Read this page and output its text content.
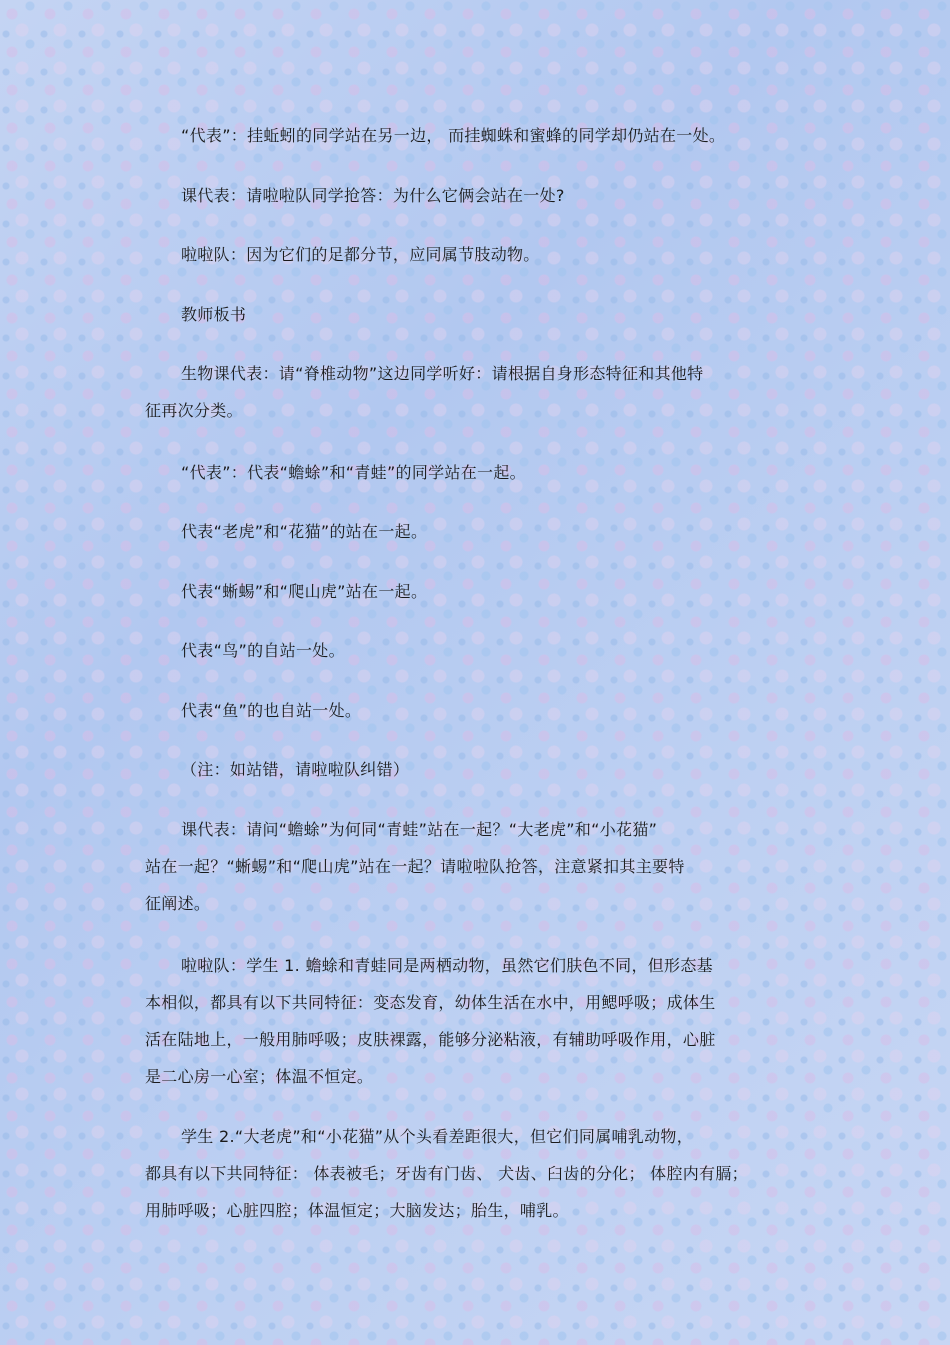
“代表”：挂蚯蚓的同学站在另一边， 而挂蜘蛛和蜜蜂的同学却仍站在一处。
课代表：请啦啦队同学抢答：为什么它俩会站在一处?
啦啦队：因为它们的足都分节，应同属节肢动物。
教师板书
生物课代表：请“脊椎动物”这边同学听好：请根据自身形态特征和其他特
征再次分类。
“代表”：代表“蟾蜍”和“青蛙”的同学站在一起。
代表“老虎”和“花猫”的站在一起。
代表“蜥蜴”和“爬山虎”站在一起。
代表“鸟”的自站一处。
代表“鱼”的也自站一处。
（注：如站错，请啦啦队纠错）
课代表：请问“蟾蜍”为何同“青蛙”站在一起？“大老虎”和“小花猫”
站在一起？“蜥蜴”和“爬山虎”站在一起？请啦啦队抢答，注意紧扣其主要特
征阐述。
啦啦队：学生 1. 蟾蜍和青蛙同是两栖动物，虽然它们肤色不同，但形态基
本相似，都具有以下共同特征：变态发育，幼体生活在水中，用鳃呼吸；成体生
活在陆地上，一般用肺呼吸；皮肤裸露，能够分泌粘液，有辅助呼吸作用，心脏
是二心房一心室；体温不恒定。
学生 2.“大老虎”和“小花猫”从个头看差距很大，但它们同属哺乳动物，
都具有以下共同特征： 体表被毛；牙齿有门齿、 犬齿、臼齿的分化； 体腔内有膈；
用肺呼吸；心脏四腔；体温恒定；大脑发达；胎生，哺乳。
